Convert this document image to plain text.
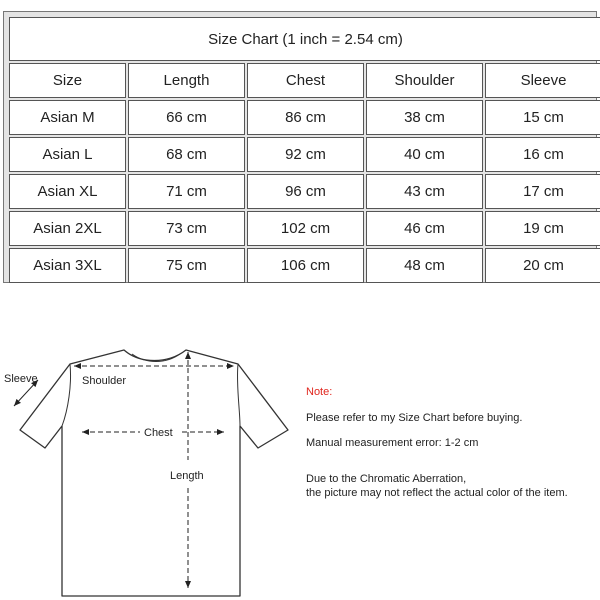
Size Chart (1 inch = 2.54 cm)				
Size	Length	Chest	Shoulder	Sleeve
Asian M	66 cm	86 cm	38 cm	15 cm
Asian L	68 cm	92 cm	40 cm	16 cm
Asian XL	71 cm	96 cm	43 cm	17 cm
Asian 2XL	73 cm	102 cm	46 cm	19 cm
Asian 3XL	75 cm	106 cm	48 cm	20 cm
Sleeve	Shoulder
Chest
Length
Note:

Please refer to my Size Chart before buying.

Manual measurement error: 1-2 cm

Due to the Chromatic Aberration,

the picture may not reflect the actual color of the item.
